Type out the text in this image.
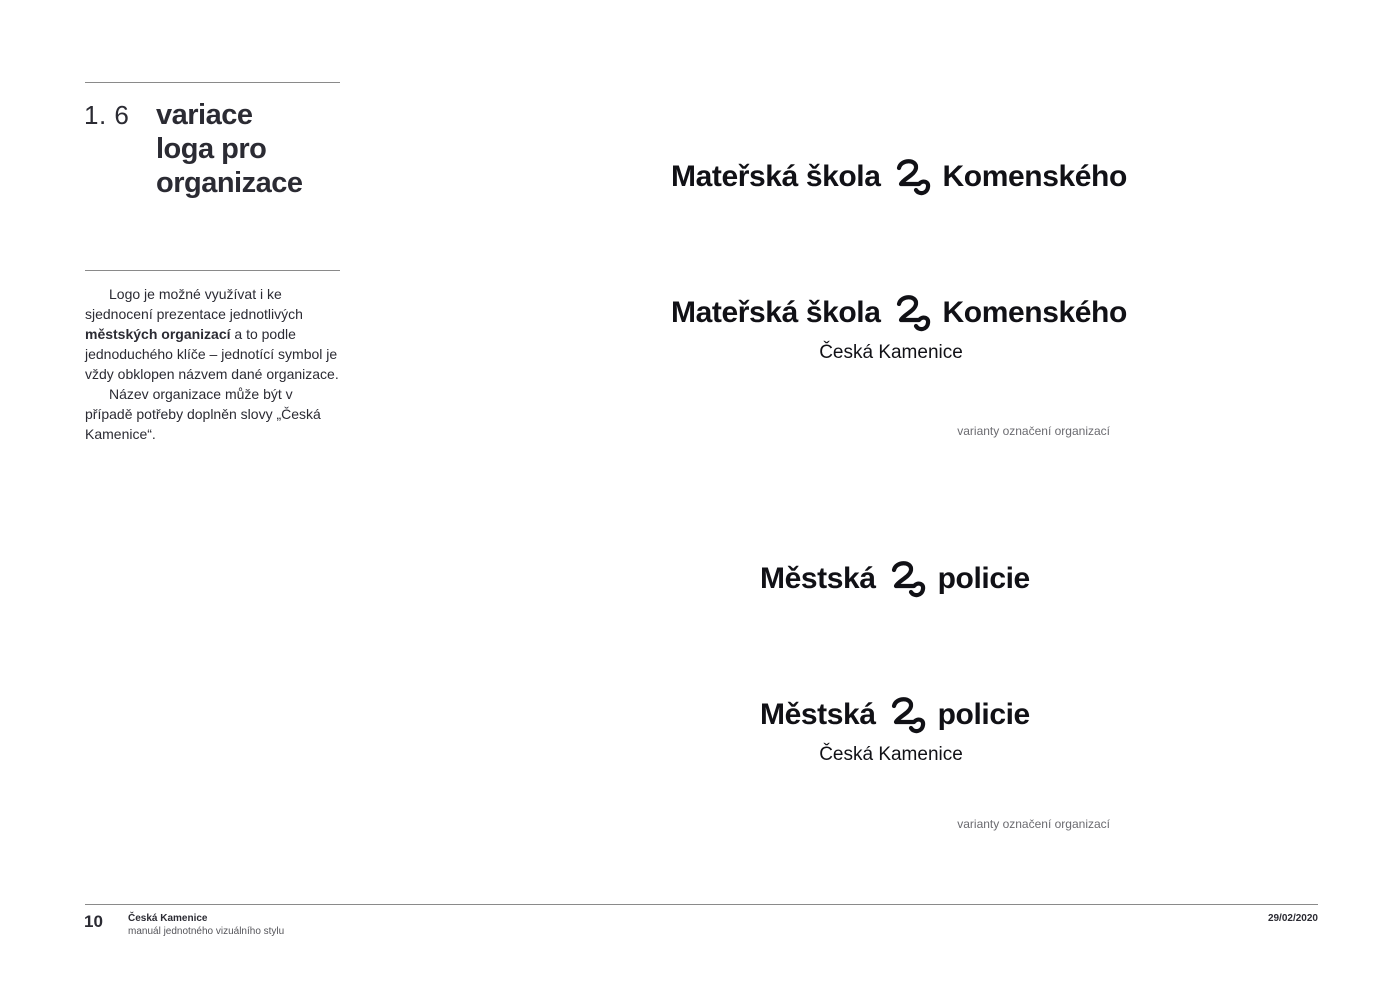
1. 6 variace
loga pro
organizace

Logo je možné využívat i ke sjednocení prezentace jednotlivých městských organizací a to podle jednoduchého klíče – jednotící symbol je vždy obklopen názvem dané organizace.

Název organizace může být v případě potřeby doplněn slovy „Česká Kamenice“.

Mateřská škola Komenského
Mateřská škola Komenského
Česká Kamenice
varianty označení organizací
Městská policie
Městská policie
Česká Kamenice
varianty označení organizací
10	Česká Kamenice
manuál jednotného vizuálního stylu
29/02/2020
